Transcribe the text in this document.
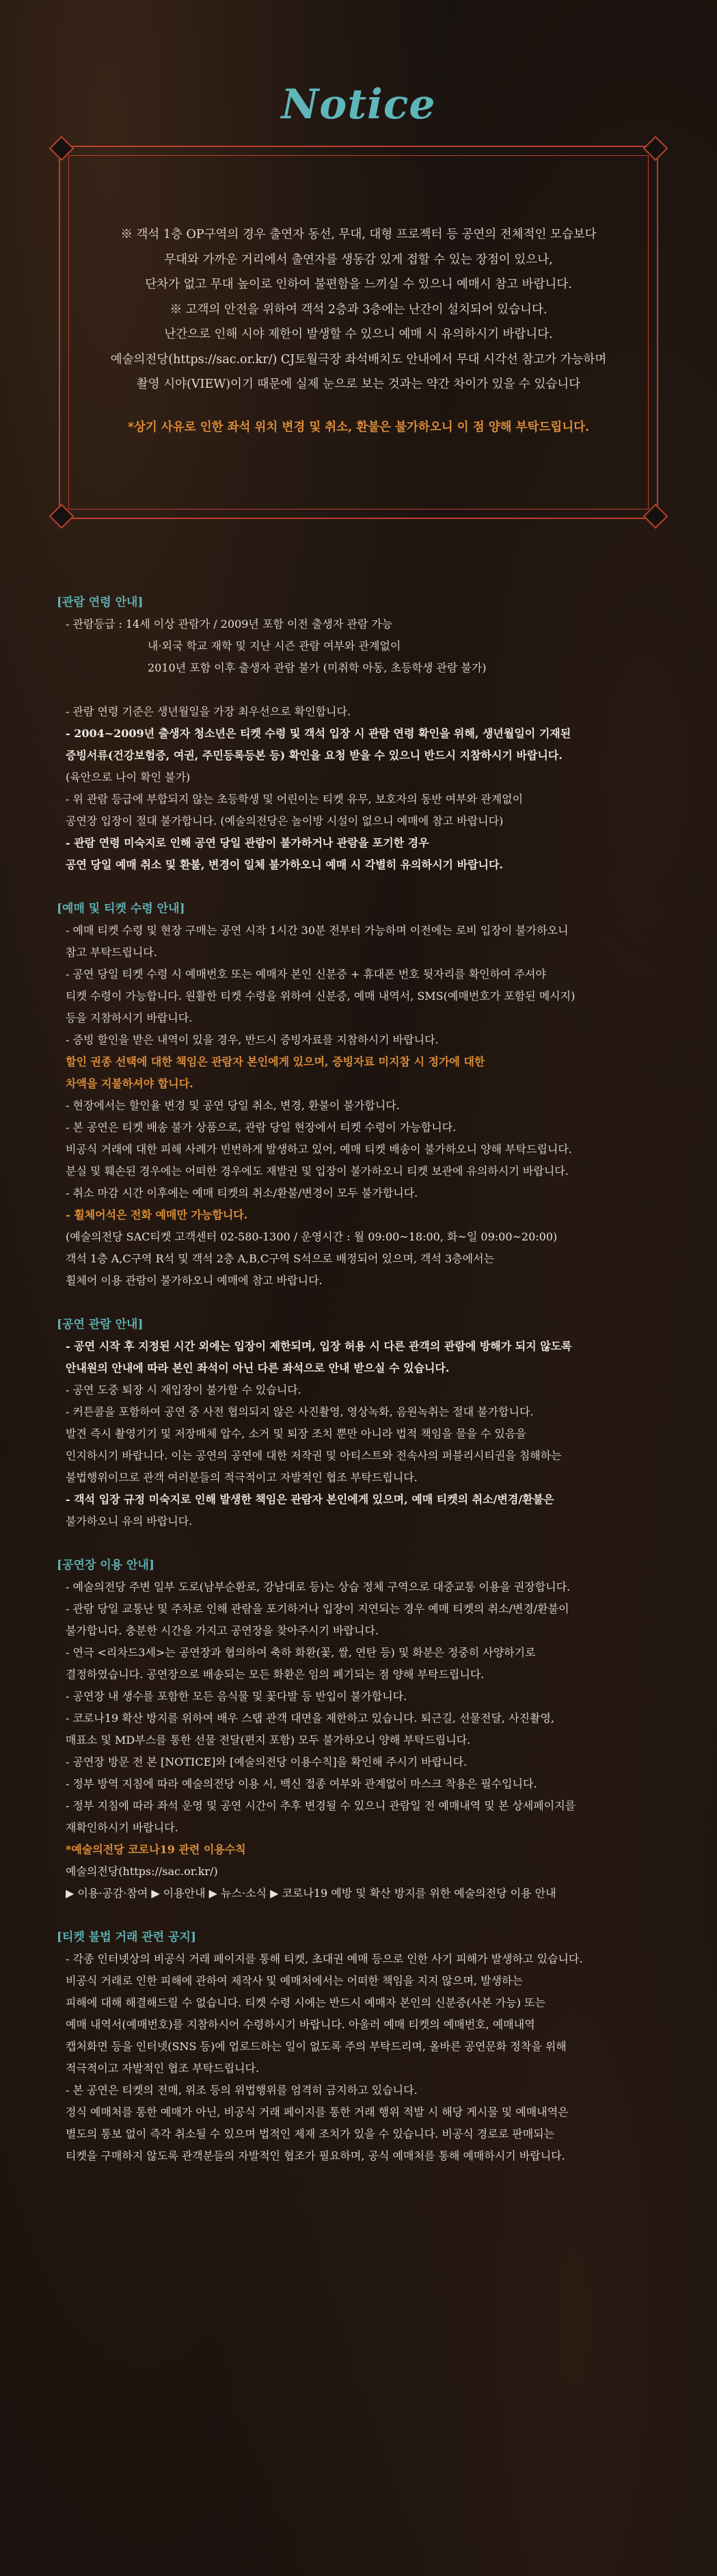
Notice
※ 객석 1층 OP구역의 경우 출연자 동선, 무대, 대형 프로젝터 등 공연의 전체적인 모습보다
무대와 가까운 거리에서 출연자를 생동감 있게 접할 수 있는 장점이 있으나,
단차가 없고 무대 높이로 인하여 불편함을 느끼실 수 있으니 예매시 참고 바랍니다.
※ 고객의 안전을 위하여 객석 2층과 3층에는 난간이 설치되어 있습니다.
난간으로 인해 시야 제한이 발생할 수 있으니 예매 시 유의하시기 바랍니다.
예술의전당(https://sac.or.kr/) CJ토월극장 좌석배치도 안내에서 무대 시각선 참고가 가능하며
촬영 시야(VIEW)이기 때문에 실제 눈으로 보는 것과는 약간 차이가 있을 수 있습니다
*상기 사유로 인한 좌석 위치 변경 및 취소, 환불은 불가하오니 이 점 양해 부탁드립니다.

[관람 연령 안내]

- 관람등급 : 14세 이상 관람가 / 2009년 포함 이전 출생자 관람 가능

내·외국 학교 재학 및 지난 시즌 관람 여부와 관계없이

2010년 포함 이후 출생자 관람 불가 (미취학 아동, 초등학생 관람 불가)

- 관람 연령 기준은 생년월일을 가장 최우선으로 확인합니다.

- 2004~2009년 출생자 청소년은 티켓 수령 및 객석 입장 시 관람 연령 확인을 위해, 생년월일이 기재된

증빙서류(건강보험증, 여권, 주민등록등본 등) 확인을 요청 받을 수 있으니 반드시 지참하시기 바랍니다.

(육안으로 나이 확인 불가)

- 위 관람 등급에 부합되지 않는 초등학생 및 어린이는 티켓 유무, 보호자의 동반 여부와 관계없이

공연장 입장이 절대 불가합니다. (예술의전당은 놀이방 시설이 없으니 예매에 참고 바랍니다)

- 관람 연령 미숙지로 인해 공연 당일 관람이 불가하거나 관람을 포기한 경우

공연 당일 예매 취소 및 환불, 변경이 일체 불가하오니 예매 시 각별히 유의하시기 바랍니다.

[예매 및 티켓 수령 안내]

- 예매 티켓 수령 및 현장 구매는 공연 시작 1시간 30분 전부터 가능하며 이전에는 로비 입장이 불가하오니

참고 부탁드립니다.

- 공연 당일 티켓 수령 시 예매번호 또는 예매자 본인 신분증 + 휴대폰 번호 뒷자리를 확인하여 주셔야

티켓 수령이 가능합니다. 원활한 티켓 수령을 위하여 신분증, 예매 내역서, SMS(예매번호가 포함된 메시지)

등을 지참하시기 바랍니다.

- 증빙 할인을 받은 내역이 있을 경우, 반드시 증빙자료를 지참하시기 바랍니다.

할인 권종 선택에 대한 책임은 관람자 본인에게 있으며, 증빙자료 미지참 시 정가에 대한

차액을 지불하셔야 합니다.

- 현장에서는 할인율 변경 및 공연 당일 취소, 변경, 환불이 불가합니다.

- 본 공연은 티켓 배송 불가 상품으로, 관람 당일 현장에서 티켓 수령이 가능합니다.

비공식 거래에 대한 피해 사례가 빈번하게 발생하고 있어, 예매 티켓 배송이 불가하오니 양해 부탁드립니다.

분실 및 훼손된 경우에는 어떠한 경우에도 재발권 및 입장이 불가하오니 티켓 보관에 유의하시기 바랍니다.

- 취소 마감 시간 이후에는 예매 티켓의 취소/환불/변경이 모두 불가합니다.

- 휠체어석은 전화 예매만 가능합니다.

(예술의전당 SAC티켓 고객센터 02-580-1300 / 운영시간 : 월 09:00~18:00, 화~일 09:00~20:00)

객석 1층 A,C구역 R석 및 객석 2층 A,B,C구역 S석으로 배정되어 있으며, 객석 3층에서는

휠체어 이용 관람이 불가하오니 예매에 참고 바랍니다.

[공연 관람 안내]

- 공연 시작 후 지정된 시간 외에는 입장이 제한되며, 입장 허용 시 다른 관객의 관람에 방해가 되지 않도록

안내원의 안내에 따라 본인 좌석이 아닌 다른 좌석으로 안내 받으실 수 있습니다.

- 공연 도중 퇴장 시 재입장이 불가할 수 있습니다.

- 커튼콜을 포함하여 공연 중 사전 협의되지 않은 사진촬영, 영상녹화, 음원녹취는 절대 불가합니다.

발견 즉시 촬영기기 및 저장매체 압수, 소거 및 퇴장 조치 뿐만 아니라 법적 책임을 물을 수 있음을

인지하시기 바랍니다. 이는 공연의 공연에 대한 저작권 및 아티스트와 전속사의 퍼블리시티권을 침해하는

불법행위이므로 관객 여러분들의 적극적이고 자발적인 협조 부탁드립니다.

- 객석 입장 규정 미숙지로 인해 발생한 책임은 관람자 본인에게 있으며, 예매 티켓의 취소/변경/환불은

불가하오니 유의 바랍니다.

[공연장 이용 안내]

- 예술의전당 주변 일부 도로(남부순환로, 강남대로 등)는 상습 정체 구역으로 대중교통 이용을 권장합니다.

- 관람 당일 교통난 및 주차로 인해 관람을 포기하거나 입장이 지연되는 경우 예매 티켓의 취소/변경/환불이

불가합니다. 충분한 시간을 가지고 공연장을 찾아주시기 바랍니다.

- 연극 <리차드3세>는 공연장과 협의하여 축하 화환(꽃, 쌀, 연탄 등) 및 화분은 정중히 사양하기로

결정하였습니다. 공연장으로 배송되는 모든 화환은 임의 폐기되는 점 양해 부탁드립니다.

- 공연장 내 생수를 포함한 모든 음식물 및 꽃다발 등 반입이 불가합니다.

- 코로나19 확산 방지를 위하여 배우 스탭 관객 대면을 제한하고 있습니다. 퇴근길, 선물전달, 사진촬영,

매표소 및 MD부스를 통한 선물 전달(편지 포함) 모두 불가하오니 양해 부탁드립니다.

- 공연장 방문 전 본 [NOTICE]와 [예술의전당 이용수칙]을 확인해 주시기 바랍니다.

- 정부 방역 지침에 따라 예술의전당 이용 시, 백신 접종 여부와 관계없이 마스크 착용은 필수입니다.

- 정부 지침에 따라 좌석 운영 및 공연 시간이 추후 변경될 수 있으니 관람일 전 예매내역 및 본 상세페이지를

재확인하시기 바랍니다.

*예술의전당 코로나19 관련 이용수칙

예술의전당(https://sac.or.kr/)

▶ 이용·공감·참여 ▶ 이용안내 ▶ 뉴스·소식 ▶ 코로나19 예방 및 확산 방지를 위한 예술의전당 이용 안내

[티켓 불법 거래 관련 공지]

- 각종 인터넷상의 비공식 거래 페이지를 통해 티켓, 초대권 예매 등으로 인한 사기 피해가 발생하고 있습니다.

비공식 거래로 인한 피해에 관하여 제작사 및 예매처에서는 어떠한 책임을 지지 않으며, 발생하는

피해에 대해 해결해드릴 수 없습니다. 티켓 수령 시에는 반드시 예매자 본인의 신분증(사본 가능) 또는

예매 내역서(예매번호)를 지참하시어 수령하시기 바랍니다. 아울러 예매 티켓의 예매번호, 예매내역

캡처화면 등을 인터넷(SNS 등)에 업로드하는 일이 없도록 주의 부탁드리며, 올바른 공연문화 정착을 위해

적극적이고 자발적인 협조 부탁드립니다.

- 본 공연은 티켓의 전매, 위조 등의 위법행위를 엄격히 금지하고 있습니다.

정식 예매처를 통한 예매가 아닌, 비공식 거래 페이지를 통한 거래 행위 적발 시 해당 게시물 및 예매내역은

별도의 통보 없이 즉각 취소될 수 있으며 법적인 제재 조치가 있을 수 있습니다. 비공식 경로로 판매되는

티켓을 구매하지 않도록 관객분들의 자발적인 협조가 필요하며, 공식 예매처를 통해 예매하시기 바랍니다.
